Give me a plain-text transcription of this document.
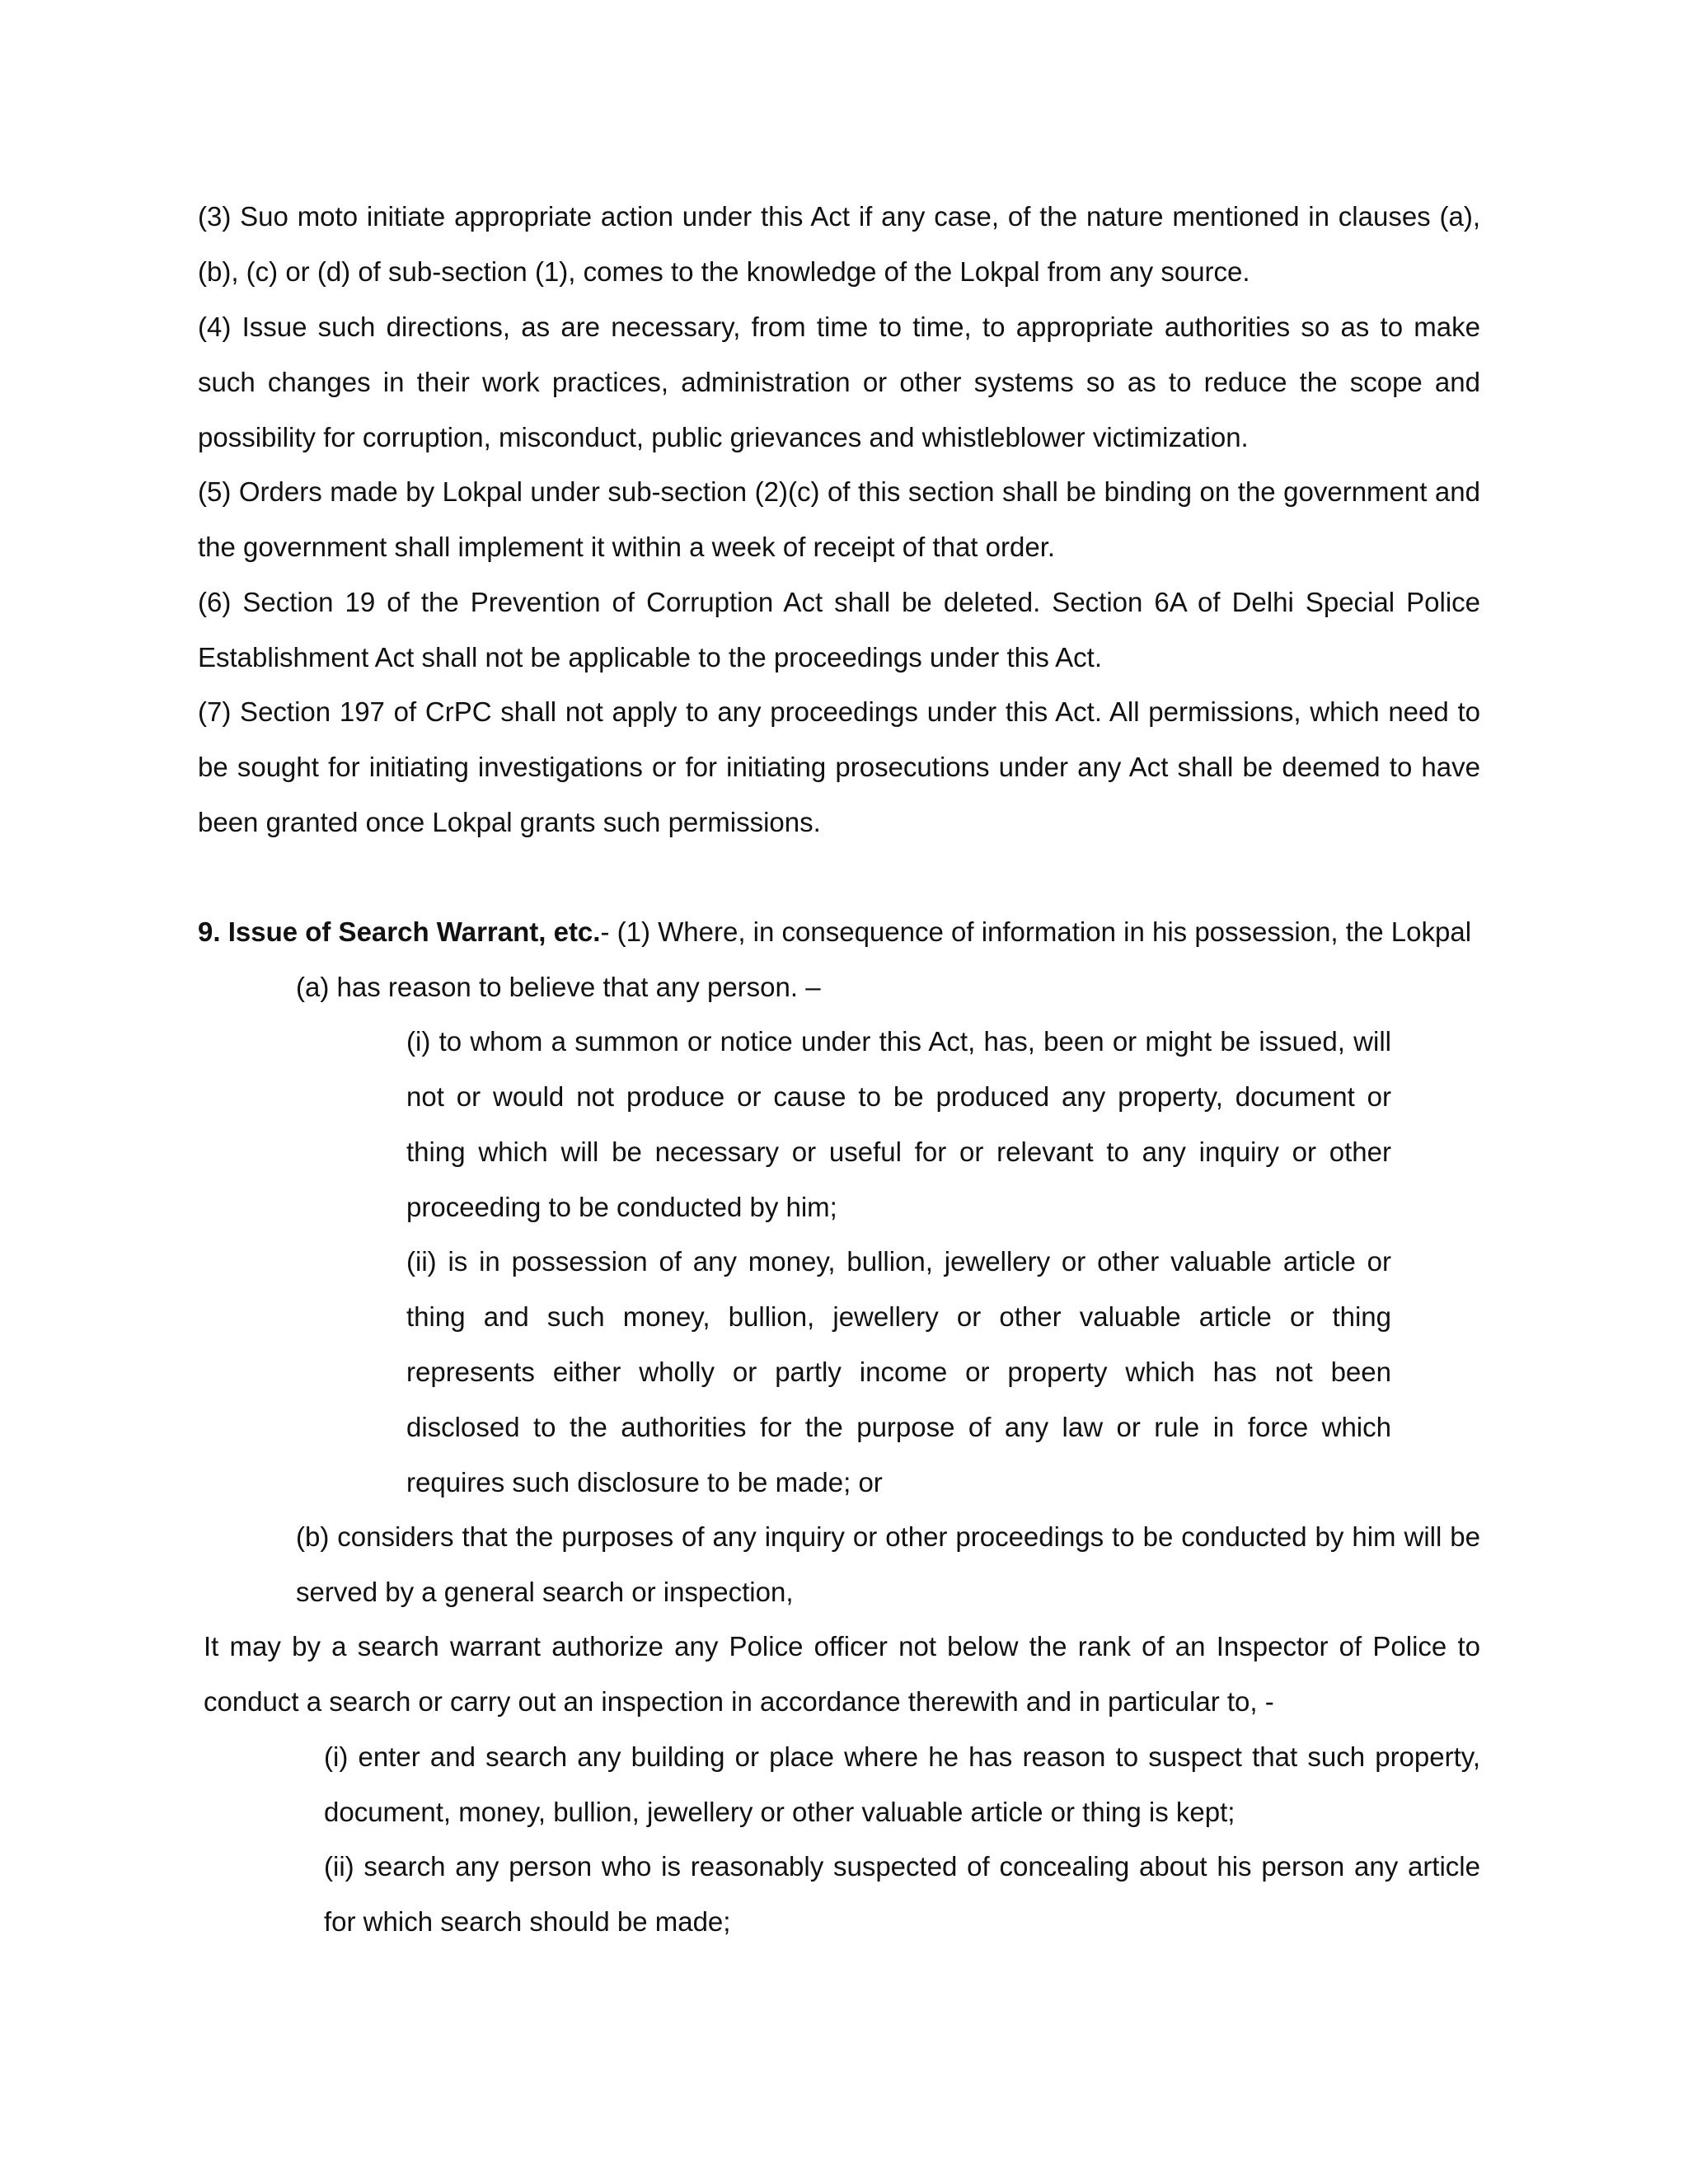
(3) Suo moto initiate appropriate action under this Act if any case, of the nature mentioned in clauses (a), (b), (c) or (d) of sub-section (1), comes to the knowledge of the Lokpal from any source.

(4) Issue such directions, as are necessary, from time to time, to appropriate authorities so as to make such changes in their work practices, administration or other systems so as to reduce the scope and possibility for corruption, misconduct, public grievances and whistleblower victimization.

(5) Orders made by Lokpal under sub-section (2)(c) of this section shall be binding on the government and the government shall implement it within a week of receipt of that order.

(6) Section 19 of the Prevention of Corruption Act shall be deleted. Section 6A of Delhi Special Police Establishment Act shall not be applicable to the proceedings under this Act.

(7) Section 197 of CrPC shall not apply to any proceedings under this Act. All permissions, which need to be sought for initiating investigations or for initiating prosecutions under any Act shall be deemed to have been granted once Lokpal grants such permissions.

9. Issue of Search Warrant, etc.- (1) Where, in consequence of information in his possession, the Lokpal

(a) has reason to believe that any person. –

(i) to whom a summon or notice under this Act, has, been or might be issued, will not or would not produce or cause to be produced any property, document or thing which will be necessary or useful for or relevant to any inquiry or other proceeding to be conducted by him;

(ii) is in possession of any money, bullion, jewellery or other valuable article or thing and such money, bullion, jewellery or other valuable article or thing represents either wholly or partly income or property which has not been disclosed to the authorities for the purpose of any law or rule in force which requires such disclosure to be made; or

(b) considers that the purposes of any inquiry or other proceedings to be conducted by him will be served by a general search or inspection,

It may by a search warrant authorize any Police officer not below the rank of an Inspector of Police to conduct a search or carry out an inspection in accordance therewith and in particular to, -

(i) enter and search any building or place where he has reason to suspect that such property, document, money, bullion, jewellery or other valuable article or thing is kept;

(ii) search any person who is reasonably suspected of concealing about his person any article for which search should be made;
